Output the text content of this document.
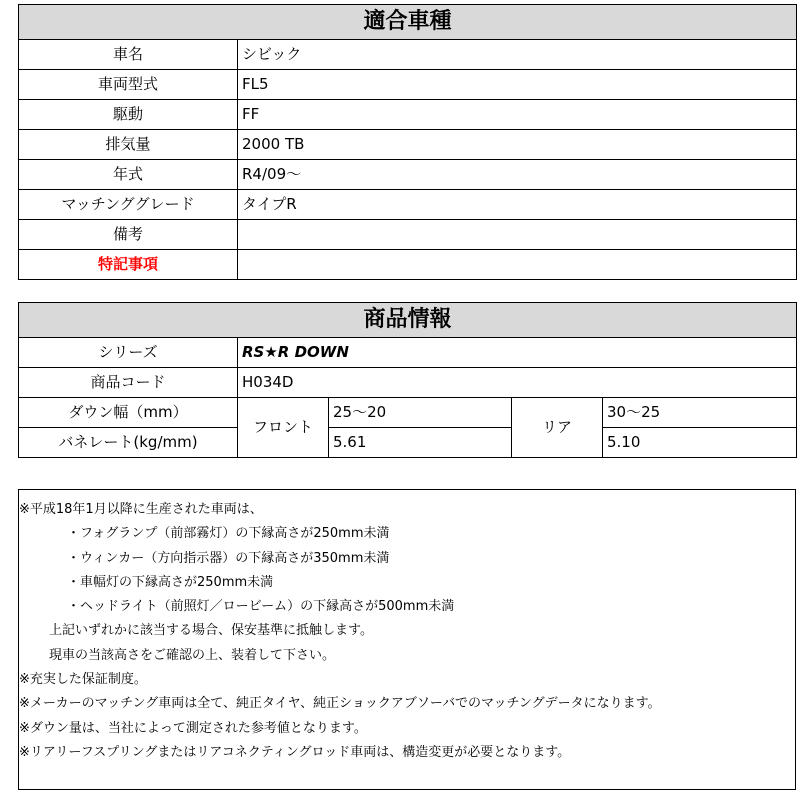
適合車種	
車名	シビック
車両型式	FL5
駆動	FF
排気量	2000 TB
年式	R4/09～
マッチンググレード	タイプR
備考	
特記事項	
商品情報				
シリーズ	RS★R DOWN			
商品コード	H034D			
ダウン幅（mm）	フロント	25～20	リア	30～25
バネレート(kg/mm)		5.61		5.10
※平成18年1月以降に生産された車両は、
・フォグランプ（前部霧灯）の下縁高さが250mm未満
・ウィンカー（方向指示器）の下縁高さが350mm未満
・車幅灯の下縁高さが250mm未満
・ヘッドライト（前照灯／ロービーム）の下縁高さが500mm未満
上記いずれかに該当する場合、保安基準に抵触します。
現車の当該高さをご確認の上、装着して下さい。
※充実した保証制度。
※メーカーのマッチング車両は全て、純正タイヤ、純正ショックアブソーバでのマッチングデータになります。
※ダウン量は、当社によって測定された参考値となります。
※リアリーフスプリングまたはリアコネクティングロッド車両は、構造変更が必要となります。
